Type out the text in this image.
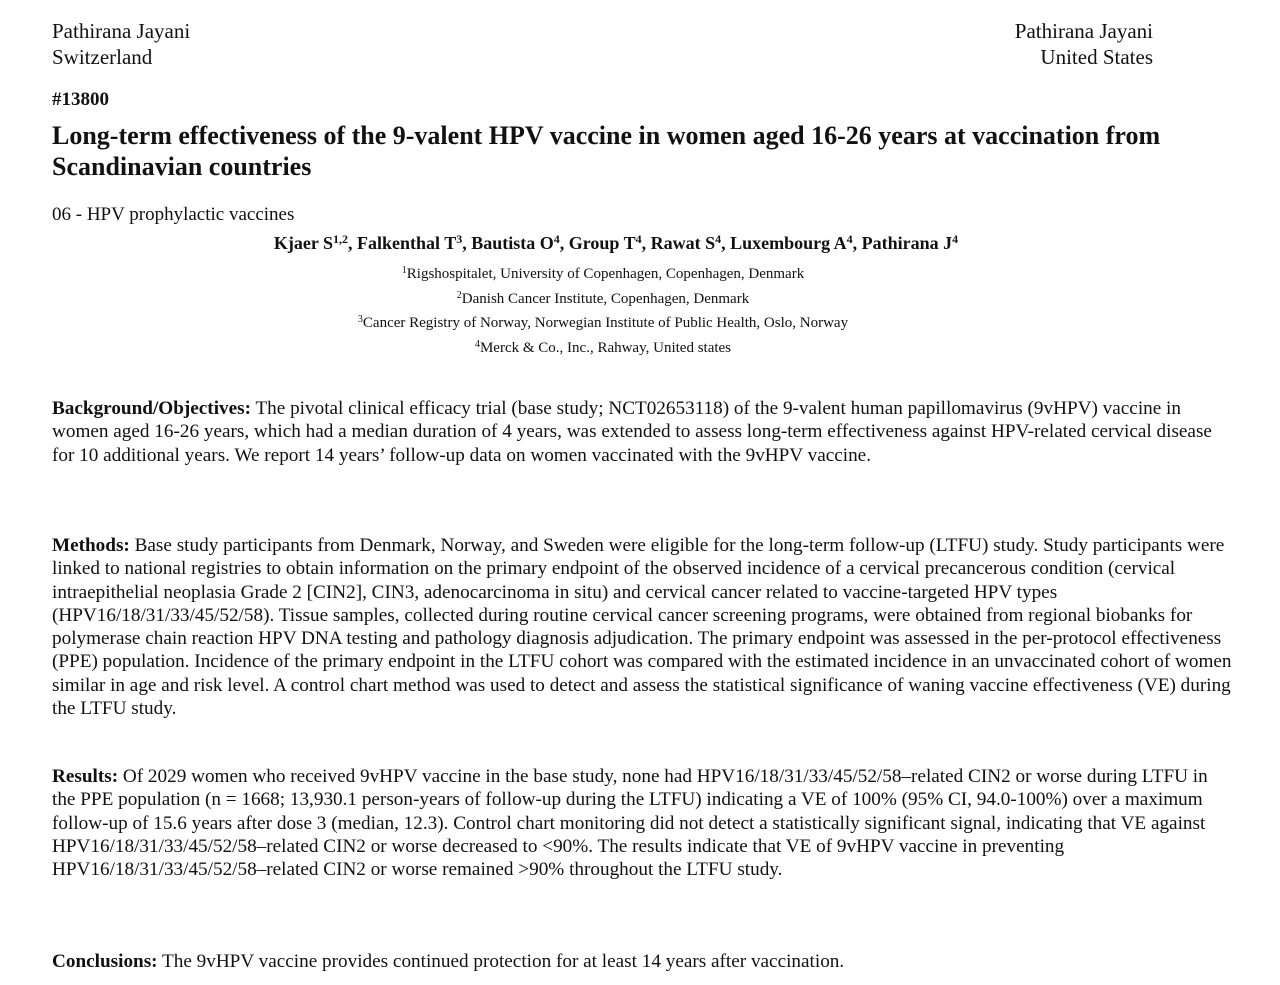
Pathirana Jayani
Switzerland
Pathirana Jayani
United States
#13800
Long-term effectiveness of the 9-valent HPV vaccine in women aged 16-26 years at vaccination from Scandinavian countries
06 - HPV prophylactic vaccines
Kjaer S$^{1,2}$, Falkenthal $T^3$, Bautista $O^4$, Group $T^4$, Rawat $S^4$, Luxembourg $A^4$, Pathirana $J^4$
$^1$Rigshospitalet, University of Copenhagen, Copenhagen, Denmark
$^2$Danish Cancer Institute, Copenhagen, Denmark
$^3$Cancer Registry of Norway, Norwegian Institute of Public Health, Oslo, Norway
$^4$Merck & Co., Inc., Rahway, United states

Background/Objectives: The pivotal clinical efficacy trial (base study; NCT02653118) of the 9-valent human papillomavirus (9vHPV) vaccine in women aged 16-26 years, which had a median duration of 4 years, was extended to assess long-term effectiveness against HPV-related cervical disease for 10 additional years. We report 14 years’ follow-up data on women vaccinated with the 9vHPV vaccine.

Methods: Base study participants from Denmark, Norway, and Sweden were eligible for the long-term follow-up (LTFU) study. Study participants were linked to national registries to obtain information on the primary endpoint of the observed incidence of a cervical precancerous condition (cervical intraepithelial neoplasia Grade 2 [CIN2], CIN3, adenocarcinoma in situ) and cervical cancer related to vaccine-targeted HPV types (HPV16/18/31/33/45/52/58). Tissue samples, collected during routine cervical cancer screening programs, were obtained from regional biobanks for polymerase chain reaction HPV DNA testing and pathology diagnosis adjudication. The primary endpoint was assessed in the per-protocol effectiveness (PPE) population. Incidence of the primary endpoint in the LTFU cohort was compared with the estimated incidence in an unvaccinated cohort of women similar in age and risk level. A control chart method was used to detect and assess the statistical significance of waning vaccine effectiveness (VE) during the LTFU study.

Results: Of 2029 women who received 9vHPV vaccine in the base study, none had HPV16/18/31/33/45/52/58–related CIN2 or worse during LTFU in the PPE population (n = 1668; 13,930.1 person-years of follow-up during the LTFU) indicating a VE of 100% (95% CI, 94.0-100%) over a maximum follow-up of 15.6 years after dose 3 (median, 12.3). Control chart monitoring did not detect a statistically significant signal, indicating that VE against HPV16/18/31/33/45/52/58–related CIN2 or worse decreased to <90%. The results indicate that VE of 9vHPV vaccine in preventing HPV16/18/31/33/45/52/58–related CIN2 or worse remained >90% throughout the LTFU study.

Conclusions: The 9vHPV vaccine provides continued protection for at least 14 years after vaccination.
